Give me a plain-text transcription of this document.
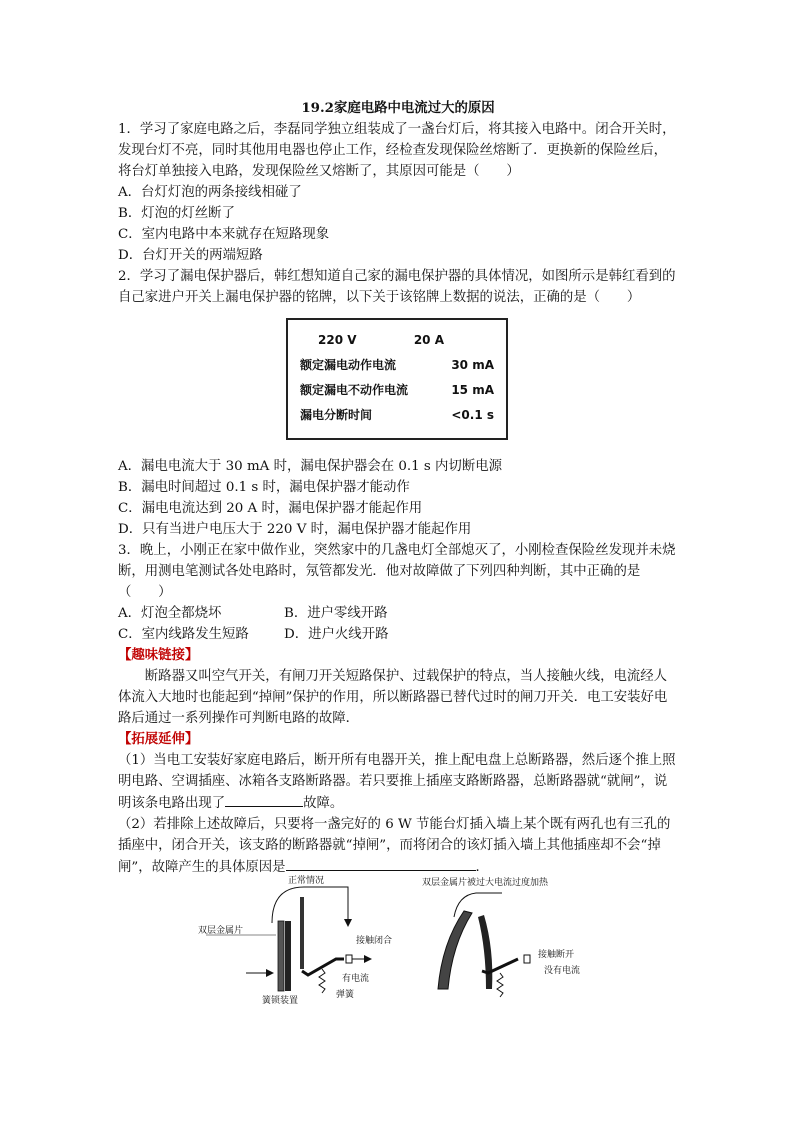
19.2家庭电路中电流过大的原因

1．学习了家庭电路之后，李磊同学独立组装成了一盏台灯后，将其接入电路中。闭合开关时，发现台灯不亮，同时其他用电器也停止工作，经检查发现保险丝熔断了．更换新的保险丝后，将台灯单独接入电路，发现保险丝又熔断了，其原因可能是（　　）

A．台灯灯泡的两条接线相碰了

B．灯泡的灯丝断了

C．室内电路中本来就存在短路现象

D．台灯开关的两端短路

2．学习了漏电保护器后，韩红想知道自己家的漏电保护器的具体情况，如图所示是韩红看到的自己家进户开关上漏电保护器的铭牌，以下关于该铭牌上数据的说法，正确的是（　　）

220 V	20 A
额定漏电动作电流	30 mA
额定漏电不动作电流	15 mA
漏电分断时间	<0.1 s

A．漏电电流大于 30 mA 时，漏电保护器会在 0.1 s 内切断电源

B．漏电时间超过 0.1 s 时，漏电保护器才能动作

C．漏电电流达到 20 A 时，漏电保护器才能起作用

D．只有当进户电压大于 220 V 时，漏电保护器才能起作用

3．晚上，小刚正在家中做作业，突然家中的几盏电灯全部熄灭了，小刚检查保险丝发现并未烧断，用测电笔测试各处电路时，氖管都发光．他对故障做了下列四种判断，其中正确的是（　　）

A．灯泡全都烧坏	B．进户零线开路
C．室内线路发生短路	D．进户火线开路

【趣味链接】

断路器又叫空气开关，有闸刀开关短路保护、过载保护的特点，当人接触火线，电流经人体流入大地时也能起到“掉闸”保护的作用，所以断路器已替代过时的闸刀开关．电工安装好电路后通过一系列操作可判断电路的故障．

【拓展延伸】

（1）当电工安装好家庭电路后，断开所有电器开关，推上配电盘上总断路器，然后逐个推上照明电路、空调插座、冰箱各支路断路器。若只要推上插座支路断路器，总断路器就“就闸”，说明该条电路出现了	故障。

（2）若排除上述故障后，只要将一盏完好的 6 W 节能台灯插入墙上某个既有两孔也有三孔的插座中，闭合开关，该支路的断路器就“掉闸”，而将闭合的该灯插入墙上其他插座却不会“掉闸”，故障产生的具体原因是	．

正常情况
双层金属片
接触闭合
有电流
簧锁装置
弹簧
双层金属片被过大电流过度加热
接触断开
没有电流
